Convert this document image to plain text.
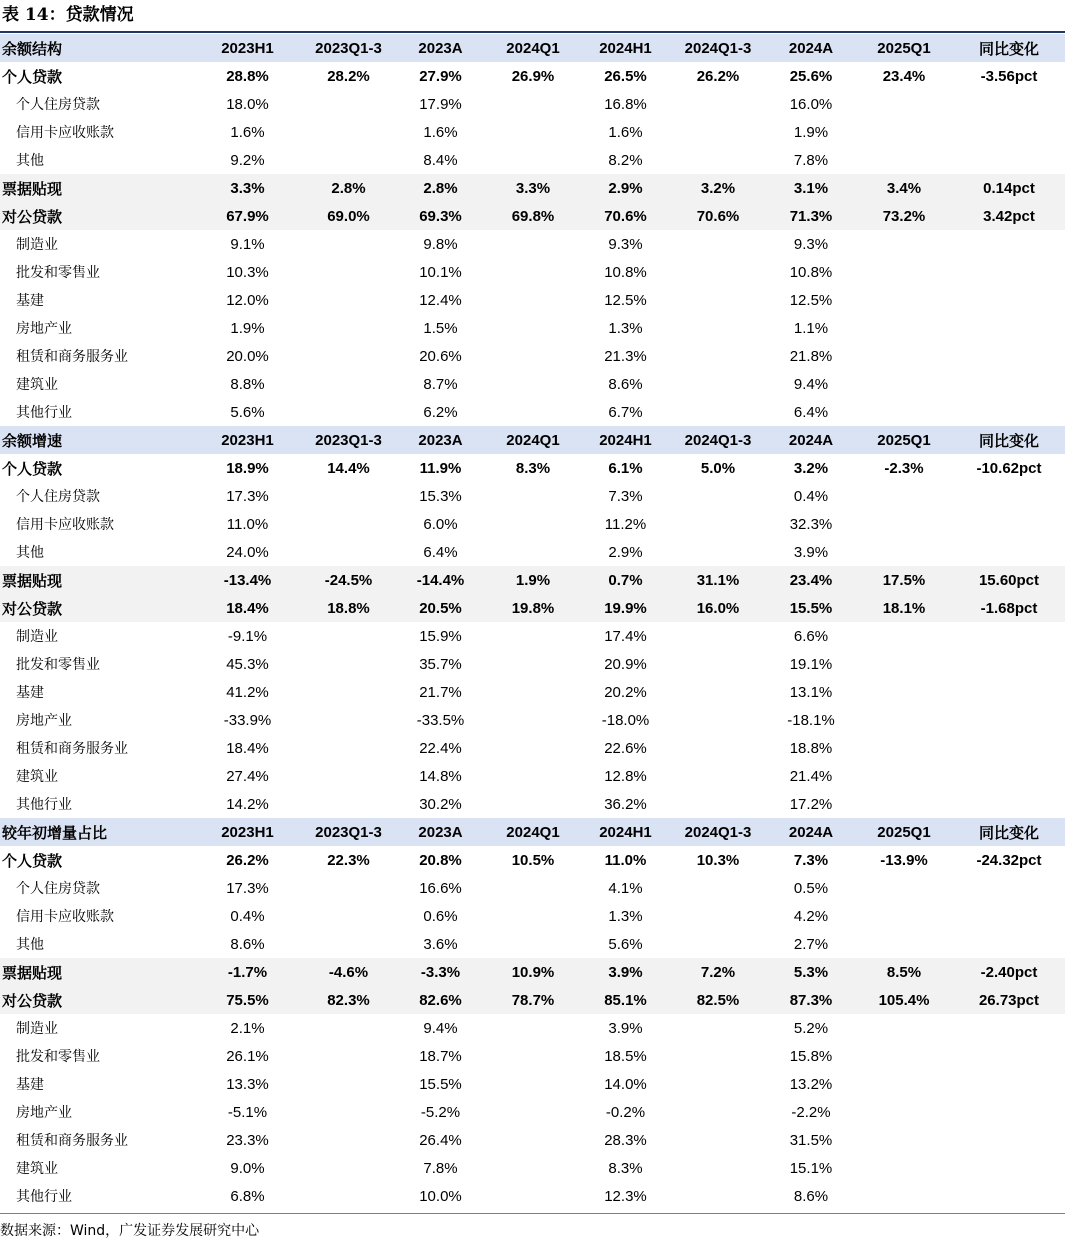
表 14：贷款情况
余额结构	2023H1	2023Q1-3	2023A	2024Q1	2024H1	2024Q1-3	2024A	2025Q1	同比变化
个人贷款	28.8%	28.2%	27.9%	26.9%	26.5%	26.2%	25.6%	23.4%	-3.56pct
个人住房贷款	18.0%		17.9%		16.8%		16.0%		
信用卡应收账款	1.6%		1.6%		1.6%		1.9%		
其他	9.2%		8.4%		8.2%		7.8%		
票据贴现	3.3%	2.8%	2.8%	3.3%	2.9%	3.2%	3.1%	3.4%	0.14pct
对公贷款	67.9%	69.0%	69.3%	69.8%	70.6%	70.6%	71.3%	73.2%	3.42pct
制造业	9.1%		9.8%		9.3%		9.3%		
批发和零售业	10.3%		10.1%		10.8%		10.8%		
基建	12.0%		12.4%		12.5%		12.5%		
房地产业	1.9%		1.5%		1.3%		1.1%		
租赁和商务服务业	20.0%		20.6%		21.3%		21.8%		
建筑业	8.8%		8.7%		8.6%		9.4%		
其他行业	5.6%		6.2%		6.7%		6.4%		
余额增速	2023H1	2023Q1-3	2023A	2024Q1	2024H1	2024Q1-3	2024A	2025Q1	同比变化
个人贷款	18.9%	14.4%	11.9%	8.3%	6.1%	5.0%	3.2%	-2.3%	-10.62pct
个人住房贷款	17.3%		15.3%		7.3%		0.4%		
信用卡应收账款	11.0%		6.0%		11.2%		32.3%		
其他	24.0%		6.4%		2.9%		3.9%		
票据贴现	-13.4%	-24.5%	-14.4%	1.9%	0.7%	31.1%	23.4%	17.5%	15.60pct
对公贷款	18.4%	18.8%	20.5%	19.8%	19.9%	16.0%	15.5%	18.1%	-1.68pct
制造业	-9.1%		15.9%		17.4%		6.6%		
批发和零售业	45.3%		35.7%		20.9%		19.1%		
基建	41.2%		21.7%		20.2%		13.1%		
房地产业	-33.9%		-33.5%		-18.0%		-18.1%		
租赁和商务服务业	18.4%		22.4%		22.6%		18.8%		
建筑业	27.4%		14.8%		12.8%		21.4%		
其他行业	14.2%		30.2%		36.2%		17.2%		
较年初增量占比	2023H1	2023Q1-3	2023A	2024Q1	2024H1	2024Q1-3	2024A	2025Q1	同比变化
个人贷款	26.2%	22.3%	20.8%	10.5%	11.0%	10.3%	7.3%	-13.9%	-24.32pct
个人住房贷款	17.3%		16.6%		4.1%		0.5%		
信用卡应收账款	0.4%		0.6%		1.3%		4.2%		
其他	8.6%		3.6%		5.6%		2.7%		
票据贴现	-1.7%	-4.6%	-3.3%	10.9%	3.9%	7.2%	5.3%	8.5%	-2.40pct
对公贷款	75.5%	82.3%	82.6%	78.7%	85.1%	82.5%	87.3%	105.4%	26.73pct
制造业	2.1%		9.4%		3.9%		5.2%		
批发和零售业	26.1%		18.7%		18.5%		15.8%		
基建	13.3%		15.5%		14.0%		13.2%		
房地产业	-5.1%		-5.2%		-0.2%		-2.2%		
租赁和商务服务业	23.3%		26.4%		28.3%		31.5%		
建筑业	9.0%		7.8%		8.3%		15.1%		
其他行业	6.8%		10.0%		12.3%		8.6%		
数据来源：Wind，广发证券发展研究中心
